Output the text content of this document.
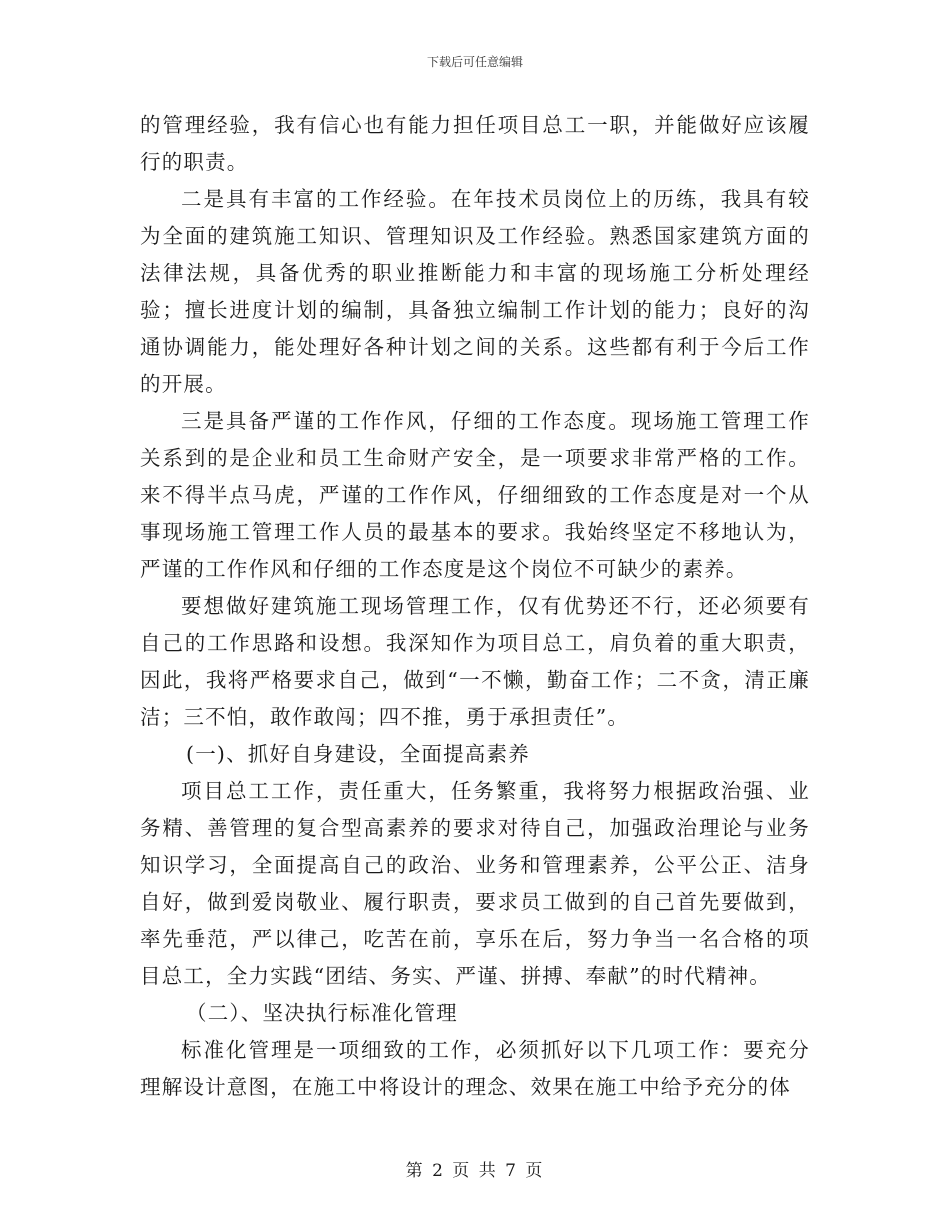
下载后可任意编辑

的管理经验，我有信心也有能力担任项目总工一职，并能做好应该履行的职责。

二是具有丰富的工作经验。在年技术员岗位上的历练，我具有较为全面的建筑施工知识、管理知识及工作经验。熟悉国家建筑方面的法律法规，具备优秀的职业推断能力和丰富的现场施工分析处理经验；擅长进度计划的编制，具备独立编制工作计划的能力；良好的沟通协调能力，能处理好各种计划之间的关系。这些都有利于今后工作的开展。

三是具备严谨的工作作风，仔细的工作态度。现场施工管理工作关系到的是企业和员工生命财产安全，是一项要求非常严格的工作。来不得半点马虎，严谨的工作作风，仔细细致的工作态度是对一个从事现场施工管理工作人员的最基本的要求。我始终坚定不移地认为，严谨的工作作风和仔细的工作态度是这个岗位不可缺少的素养。

要想做好建筑施工现场管理工作，仅有优势还不行，还必须要有自己的工作思路和设想。我深知作为项目总工，肩负着的重大职责，因此，我将严格要求自己，做到“一不懒，勤奋工作；二不贪，清正廉洁；三不怕，敢作敢闯；四不推，勇于承担责任”。

(一)、抓好自身建设，全面提高素养

项目总工工作，责任重大，任务繁重，我将努力根据政治强、业务精、善管理的复合型高素养的要求对待自己，加强政治理论与业务知识学习，全面提高自己的政治、业务和管理素养，公平公正、洁身自好，做到爱岗敬业、履行职责，要求员工做到的自己首先要做到，率先垂范，严以律己，吃苦在前，享乐在后，努力争当一名合格的项目总工，全力实践“团结、务实、严谨、拼搏、奉献”的时代精神。

（二）、坚决执行标准化管理

标准化管理是一项细致的工作，必须抓好以下几项工作：要充分理解设计意图，在施工中将设计的理念、效果在施工中给予充分的体

第 2 页 共 7 页
